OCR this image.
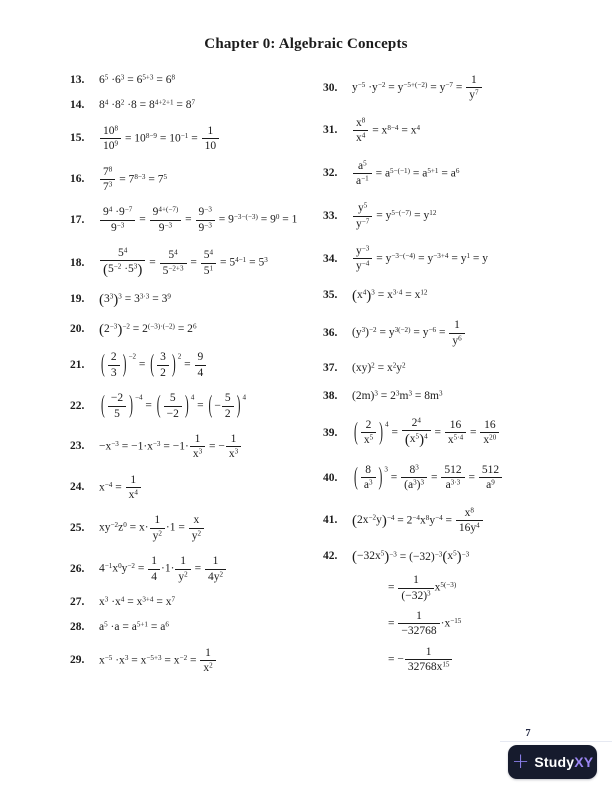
Chapter 0: Algebraic Concepts
13.	$6^5 \cdot 6^3 = 6^{5+3} = 6^8$
14.	$8^4 \cdot 8^2 \cdot 8 = 8^{4+2+1} = 8^7$
15.	$\frac{10^8}{10^9} = 10^{8-9} = 10^{-1} = \frac{1}{10}$
16.	$\frac{7^8}{7^3} = 7^{8-3} = 7^5$
17.	$\frac{9^4 \cdot 9^{-7}}{9^{-3}} = \frac{9^{4+(-7)}}{9^{-3}} = \frac{9^{-3}}{9^{-3}} = 9^{-3-(-3)} = 9^0 = 1$
18.	$\frac{5^4}{(5^{-2} \cdot 5^3)} = \frac{5^4}{5^{-2+3}} = \frac{5^4}{5^1} = 5^{4-1} = 5^3$
19. $(3^3)^3 = 3^{3\cdot 3} = 3^9$
20. $(2^{-3})^{-2} = 2^{(-3)\cdot(-2)} = 2^6$
21.	( $\frac{2}{3}$ ) $^{-2}$ = ( $\frac{3}{2}$ ) $^2 = \frac{9}{4}$
22.	( $\frac{-2}{5}$ ) $^{-4}$ = ( $\frac{5}{-2}$ ) $^4$ = ( − $\frac{5}{2}$ ) $^4$
23.	$-x^{-3} = -1\cdot x^{-3} = -1\cdot \frac{1}{x^3}$ = − $\frac{1}{x^3}$
24.	$x^{-4} = \frac{1}{x^4}$
25.	$xy^{-2}z^0 = x\cdot \frac{1}{y^2} \cdot 1 = \frac{x}{y^2}$
26.	$4^{-1}x^0y^{-2} = \frac{1}{4} \cdot 1\cdot \frac{1}{y^2} = \frac{1}{4y^2}$
27.	$x^3 \cdot x^4 = x^{3+4} = x^7$
28.	$a^5 \cdot a = a^{5+1} = a^6$
29.	$x^{-5} \cdot x^3 = x^{-5+3} = x^{-2} = \frac{1}{x^2}$
30.	$y^{-5} \cdot y^{-2} = y^{-5+(-2)} = y^{-7} = \frac{1}{y^7}$
31.	$\frac{x^8}{x^4} = x^{8-4} = x^4$
32.	$\frac{a^5}{a^{-1}} = a^{5-(-1)} = a^{5+1} = a^6$
33.	$\frac{y^5}{y^{-7}} = y^{5-(-7)} = y^{12}$
34.	$\frac{y^{-3}}{y^{-4}} = y^{-3-(-4)} = y^{-3+4} = y^1 = y$
35. $(x^4)^3 = x^{3\cdot 4} = x^{12}$
36.	$(y^3)^{-2} = y^{3(-2)} = y^{-6} = \frac{1}{y^6}$
37.	$(xy)^2 = x^2y^2$
38.	$(2m)^3 = 2^3m^3 = 8m^3$
39.	( $\frac{2}{x^5}$ ) $^4 = \frac{2^4}{(x^5)^4} = \frac{16}{x^{5\cdot 4}} = \frac{16}{x^{20}}$
40.	( $\frac{8}{a^3}$ ) $^3 = \frac{8^3}{(a^3)^3} = \frac{512}{a^{3\cdot 3}} = \frac{512}{a^9}$
41. $(2x^{-2}y)^{-4} = 2^{-4}x^8y^{-4} = \frac{x^8}{16y^4}$
42. $(-32x^5)^{-3} = (-32)^{-3}(x^5)^{-3}$
= $\frac{1}{(-32)^3} x^{5(-3)}$
= $\frac{1}{-32768} \cdot x^{-15}$
= − $\frac{1}{32768x^{15}}$
7
+ StudyXY
